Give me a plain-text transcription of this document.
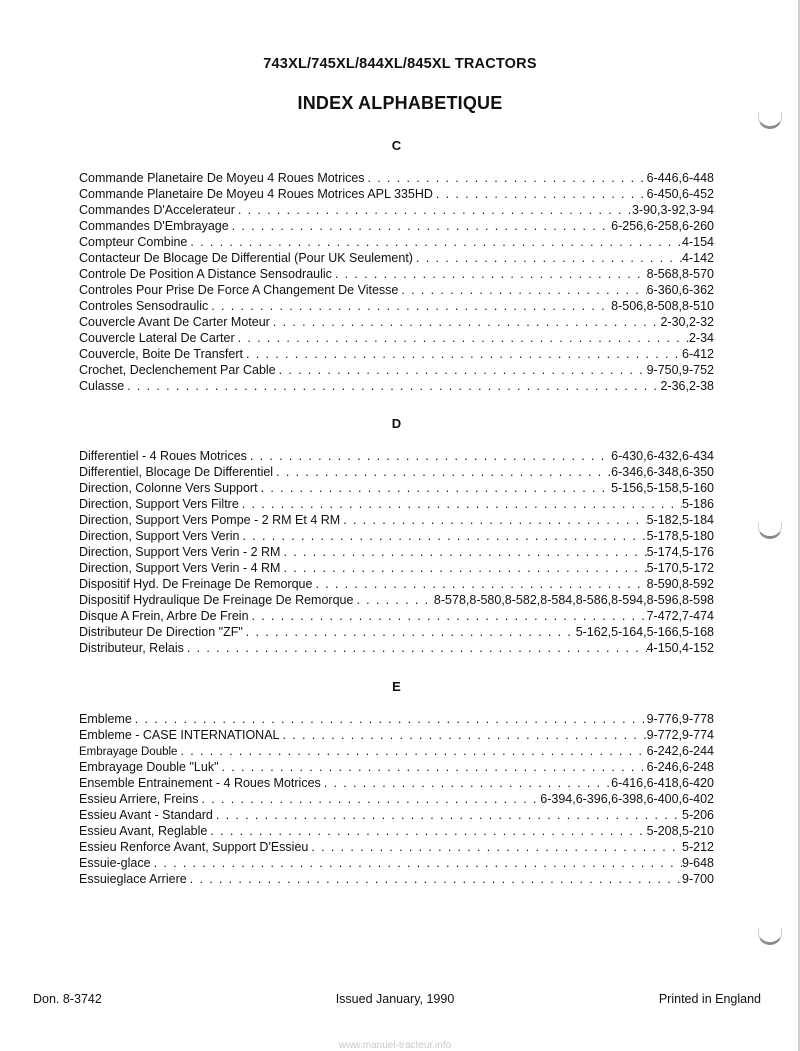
743XL/745XL/844XL/845XL TRACTORS
INDEX ALPHABETIQUE
C
Commande Planetaire De Moyeu 4 Roues Motrices . . .	6-446,6-448
Commande Planetaire De Moyeu 4 Roues Motrices APL 335HD . . .	6-450,6-452
Commandes D'Accelerateur . . .	3-90,3-92,3-94
Commandes D'Embrayage . . .	6-256,6-258,6-260
Compteur Combine . . .	4-154
Contacteur De Blocage De Differential (Pour UK Seulement) . . .	4-142
Controle De Position A Distance Sensodraulic . . .	8-568,8-570
Controles Pour Prise De Force A Changement De Vitesse . . .	6-360,6-362
Controles Sensodraulic . . .	8-506,8-508,8-510
Couvercle Avant De Carter Moteur . . .	2-30,2-32
Couvercle Lateral De Carter . . .	2-34
Couvercle, Boite De Transfert . . .	6-412
Crochet, Declenchement Par Cable . . .	9-750,9-752
Culasse . . .	2-36,2-38
D
Differentiel - 4 Roues Motrices . . .	6-430,6-432,6-434
Differentiel, Blocage De Differentiel . . .	6-346,6-348,6-350
Direction, Colonne Vers Support . . .	5-156,5-158,5-160
Direction, Support Vers Filtre . . .	5-186
Direction, Support Vers Pompe - 2 RM Et 4 RM . . .	5-182,5-184
Direction, Support Vers Verin . . .	5-178,5-180
Direction, Support Vers Verin - 2 RM . . .	5-174,5-176
Direction, Support Vers Verin - 4 RM . . .	5-170,5-172
Dispositif Hyd. De Freinage De Remorque . . .	8-590,8-592
Dispositif Hydraulique De Freinage De Remorque . . .	8-578,8-580,8-582,8-584,8-586,8-594,8-596,8-598
Disque A Frein, Arbre De Frein . . .	7-472,7-474
Distributeur De Direction "ZF" . . .	5-162,5-164,5-166,5-168
Distributeur, Relais . . .	4-150,4-152
E
Embleme . . .	9-776,9-778
Embleme - CASE INTERNATIONAL . . .	9-772,9-774
Embrayage Double . . .	6-242,6-244
Embrayage Double "Luk" . . .	6-246,6-248
Ensemble Entrainement - 4 Roues Motrices . . .	6-416,6-418,6-420
Essieu Arriere, Freins . . .	6-394,6-396,6-398,6-400,6-402
Essieu Avant - Standard . . .	5-206
Essieu Avant, Reglable . . .	5-208,5-210
Essieu Renforce Avant, Support D'Essieu . . .	5-212
Essuie-glace . . .	9-648
Essuieglace Arriere . . .	9-700
Don. 8-3742	Issued January, 1990	Printed in England
www.manuel-tracteur.info
